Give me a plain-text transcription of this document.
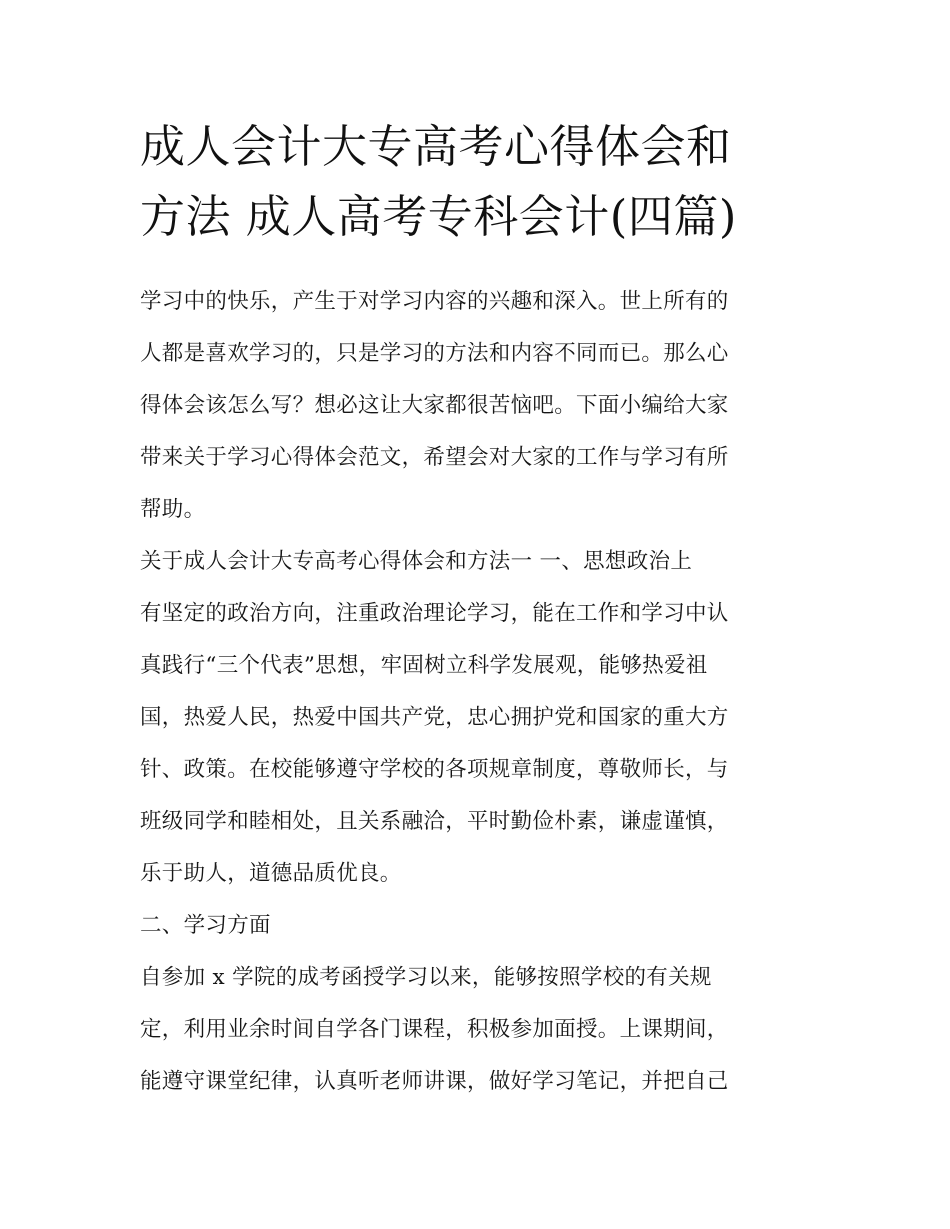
成人会计大专高考心得体会和
方法 成人高考专科会计(四篇)
学习中的快乐，产生于对学习内容的兴趣和深入。世上所有的
人都是喜欢学习的，只是学习的方法和内容不同而已。那么心
得体会该怎么写？想必这让大家都很苦恼吧。下面小编给大家
带来关于学习心得体会范文，希望会对大家的工作与学习有所
帮助。
关于成人会计大专高考心得体会和方法一 一、思想政治上
有坚定的政治方向，注重政治理论学习，能在工作和学习中认
真践行“三个代表”思想，牢固树立科学发展观，能够热爱祖
国，热爱人民，热爱中国共产党，忠心拥护党和国家的重大方
针、政策。在校能够遵守学校的各项规章制度，尊敬师长，与
班级同学和睦相处，且关系融洽，平时勤俭朴素，谦虚谨慎，
乐于助人，道德品质优良。
二、学习方面
自参加 x 学院的成考函授学习以来，能够按照学校的有关规
定，利用业余时间自学各门课程，积极参加面授。上课期间，
能遵守课堂纪律，认真听老师讲课，做好学习笔记，并把自己
